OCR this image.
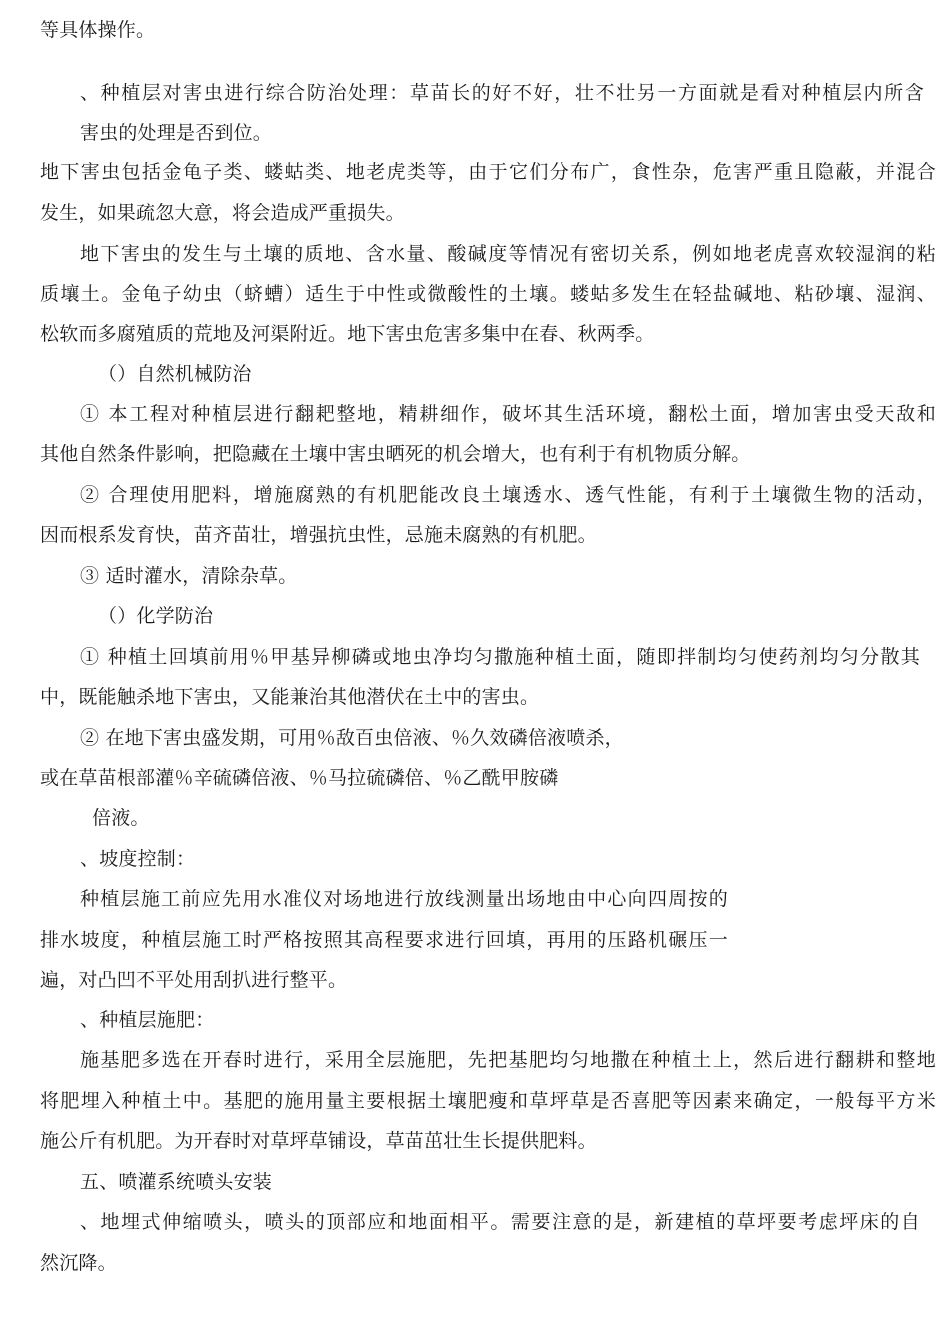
等具体操作。
、种植层对害虫进行综合防治处理：草苗长的好不好，壮不壮另一方面就是看对种植层内所含
害虫的处理是否到位。
地下害虫包括金龟子类、蝼蛄类、地老虎类等，由于它们分布广，食性杂，危害严重且隐蔽，并混合
发生，如果疏忽大意，将会造成严重损失。
地下害虫的发生与土壤的质地、含水量、酸碱度等情况有密切关系，例如地老虎喜欢较湿润的粘
质壤土。金龟子幼虫（蛴螬）适生于中性或微酸性的土壤。蝼蛄多发生在轻盐碱地、粘砂壤、湿润、
松软而多腐殖质的荒地及河渠附近。地下害虫危害多集中在春、秋两季。
（）自然机械防治
① 本工程对种植层进行翻耙整地，精耕细作，破坏其生活环境，翻松土面，增加害虫受天敌和
其他自然条件影响，把隐藏在土壤中害虫晒死的机会增大，也有利于有机物质分解。
② 合理使用肥料，增施腐熟的有机肥能改良土壤透水、透气性能，有利于土壤微生物的活动，
因而根系发育快，苗齐苗壮，增强抗虫性，忌施未腐熟的有机肥。
③ 适时灌水，清除杂草。
（）化学防治
① 种植土回填前用％甲基异柳磷或地虫净均匀撒施种植土面，随即拌制均匀使药剂均匀分散其
中，既能触杀地下害虫，又能兼治其他潜伏在土中的害虫。
② 在地下害虫盛发期，可用％敌百虫倍液、％久效磷倍液喷杀，
或在草苗根部灌％辛硫磷倍液、％马拉硫磷倍、％乙酰甲胺磷
倍液。
、坡度控制：
种植层施工前应先用水准仪对场地进行放线测量出场地由中心向四周按的
排水坡度，种植层施工时严格按照其高程要求进行回填，再用的压路机碾压一
遍，对凸凹不平处用刮扒进行整平。
、种植层施肥：
施基肥多选在开春时进行，采用全层施肥，先把基肥均匀地撒在种植土上，然后进行翻耕和整地
将肥埋入种植土中。基肥的施用量主要根据土壤肥瘦和草坪草是否喜肥等因素来确定，一般每平方米
施公斤有机肥。为开春时对草坪草铺设，草苗茁壮生长提供肥料。
五、喷灌系统喷头安装
、地埋式伸缩喷头，喷头的顶部应和地面相平。需要注意的是，新建植的草坪要考虑坪床的自
然沉降。
